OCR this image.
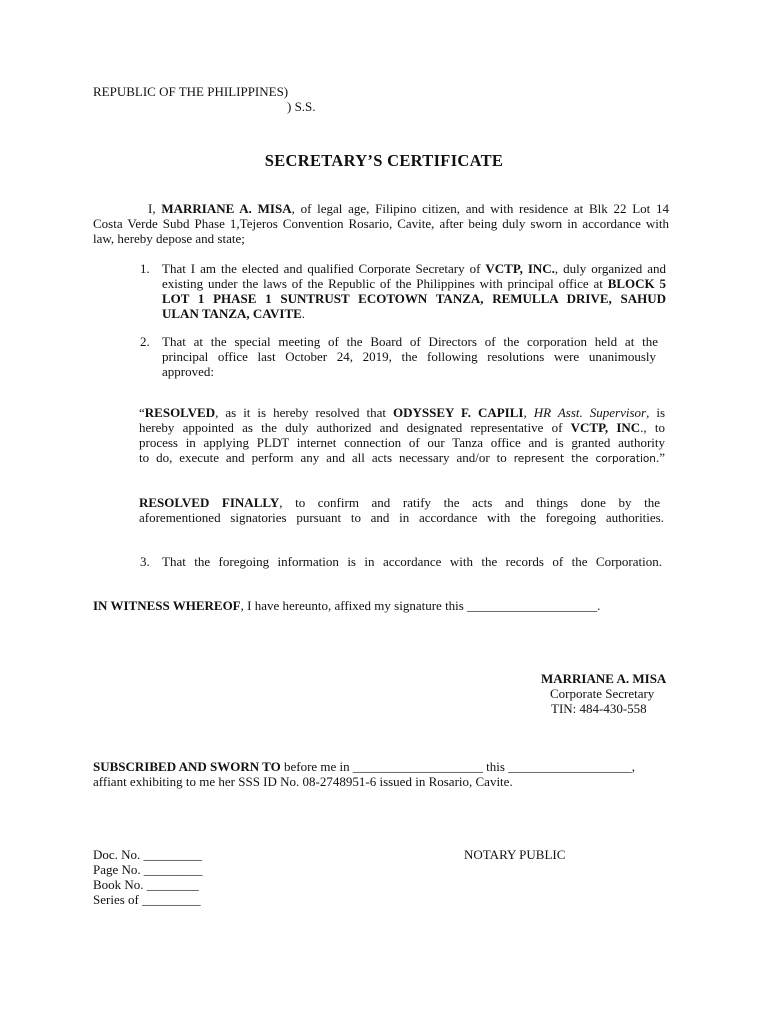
REPUBLIC OF THE PHILIPPINES)
) S.S.
SECRETARY’S CERTIFICATE
I, MARRIANE A. MISA, of legal age, Filipino citizen, and with residence at Blk 22 Lot 14
Costa Verde Subd Phase 1,Tejeros Convention Rosario, Cavite, after being duly sworn in accordance with
law, hereby depose and state;
1. That I am the elected and qualified Corporate Secretary of VCTP, INC., duly organized and
existing under the laws of the Republic of the Philippines with principal office at BLOCK 5
LOT 1 PHASE 1 SUNTRUST ECOTOWN TANZA, REMULLA DRIVE, SAHUD
ULAN TANZA, CAVITE.
2. That at the special meeting of the Board of Directors of the corporation held at the
principal office last October 24, 2019, the following resolutions were unanimously
approved:
“RESOLVED, as it is hereby resolved that ODYSSEY F. CAPILI, HR Asst. Supervisor, is
hereby appointed as the duly authorized and designated representative of VCTP, INC., to
process in applying PLDT internet connection of our Tanza office and is granted authority
to do, execute and perform any and all acts necessary and/or to represent the corporation.”
RESOLVED FINALLY, to confirm and ratify the acts and things done by the
aforementioned signatories pursuant to and in accordance with the foregoing authorities.
3. That the foregoing information is in accordance with the records of the Corporation.
IN WITNESS WHEREOF, I have hereunto, affixed my signature this ____________________.
MARRIANE A. MISA
Corporate Secretary
TIN: 484-430-558
SUBSCRIBED AND SWORN TO before me in ____________________ this ___________________,
affiant exhibiting to me her SSS ID No. 08-2748951-6 issued in Rosario, Cavite.
Doc. No. _________
Page No. _________
Book No. ________
Series of _________
NOTARY PUBLIC
